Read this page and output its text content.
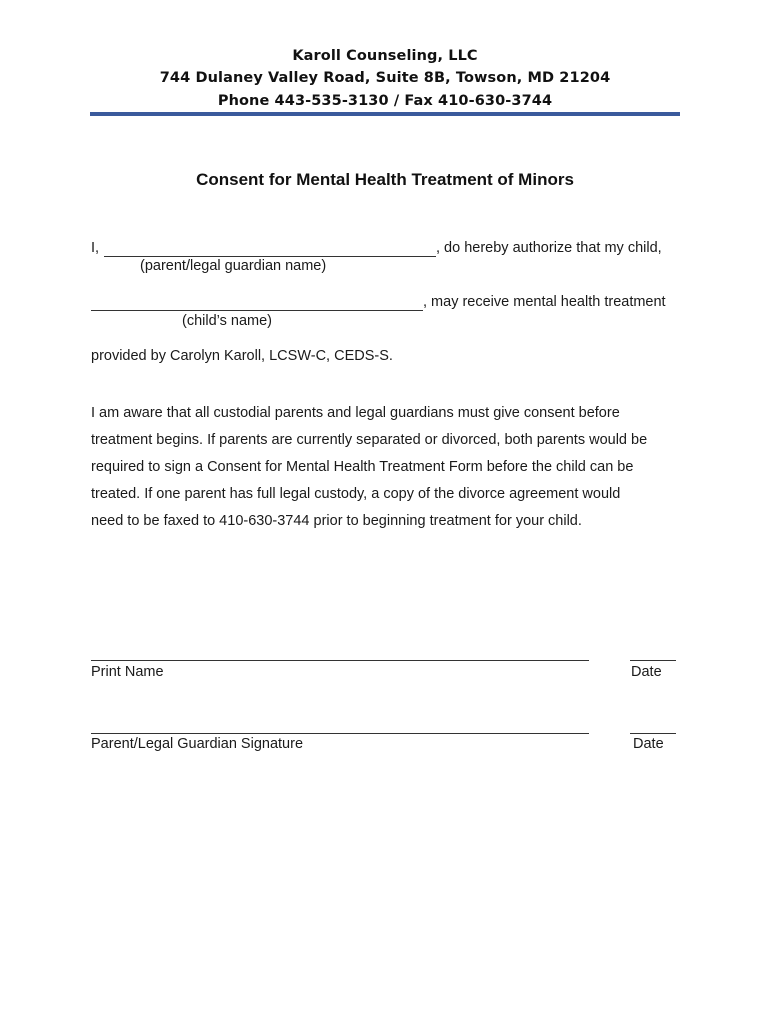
Karoll Counseling, LLC
744 Dulaney Valley Road, Suite 8B, Towson, MD 21204
Phone 443-535-3130 / Fax 410-630-3744
Consent for Mental Health Treatment of Minors
I,	, do hereby authorize that my child,
(parent/legal guardian name)
, may receive mental health treatment
(child’s name)
provided by Carolyn Karoll, LCSW-C, CEDS-S.
I am aware that all custodial parents and legal guardians must give consent before
treatment begins. If parents are currently separated or divorced, both parents would be
required to sign a Consent for Mental Health Treatment Form before the child can be
treated. If one parent has full legal custody, a copy of the divorce agreement would
need to be faxed to 410-630-3744 prior to beginning treatment for your child.
Print Name	Date
Parent/Legal Guardian Signature	Date
